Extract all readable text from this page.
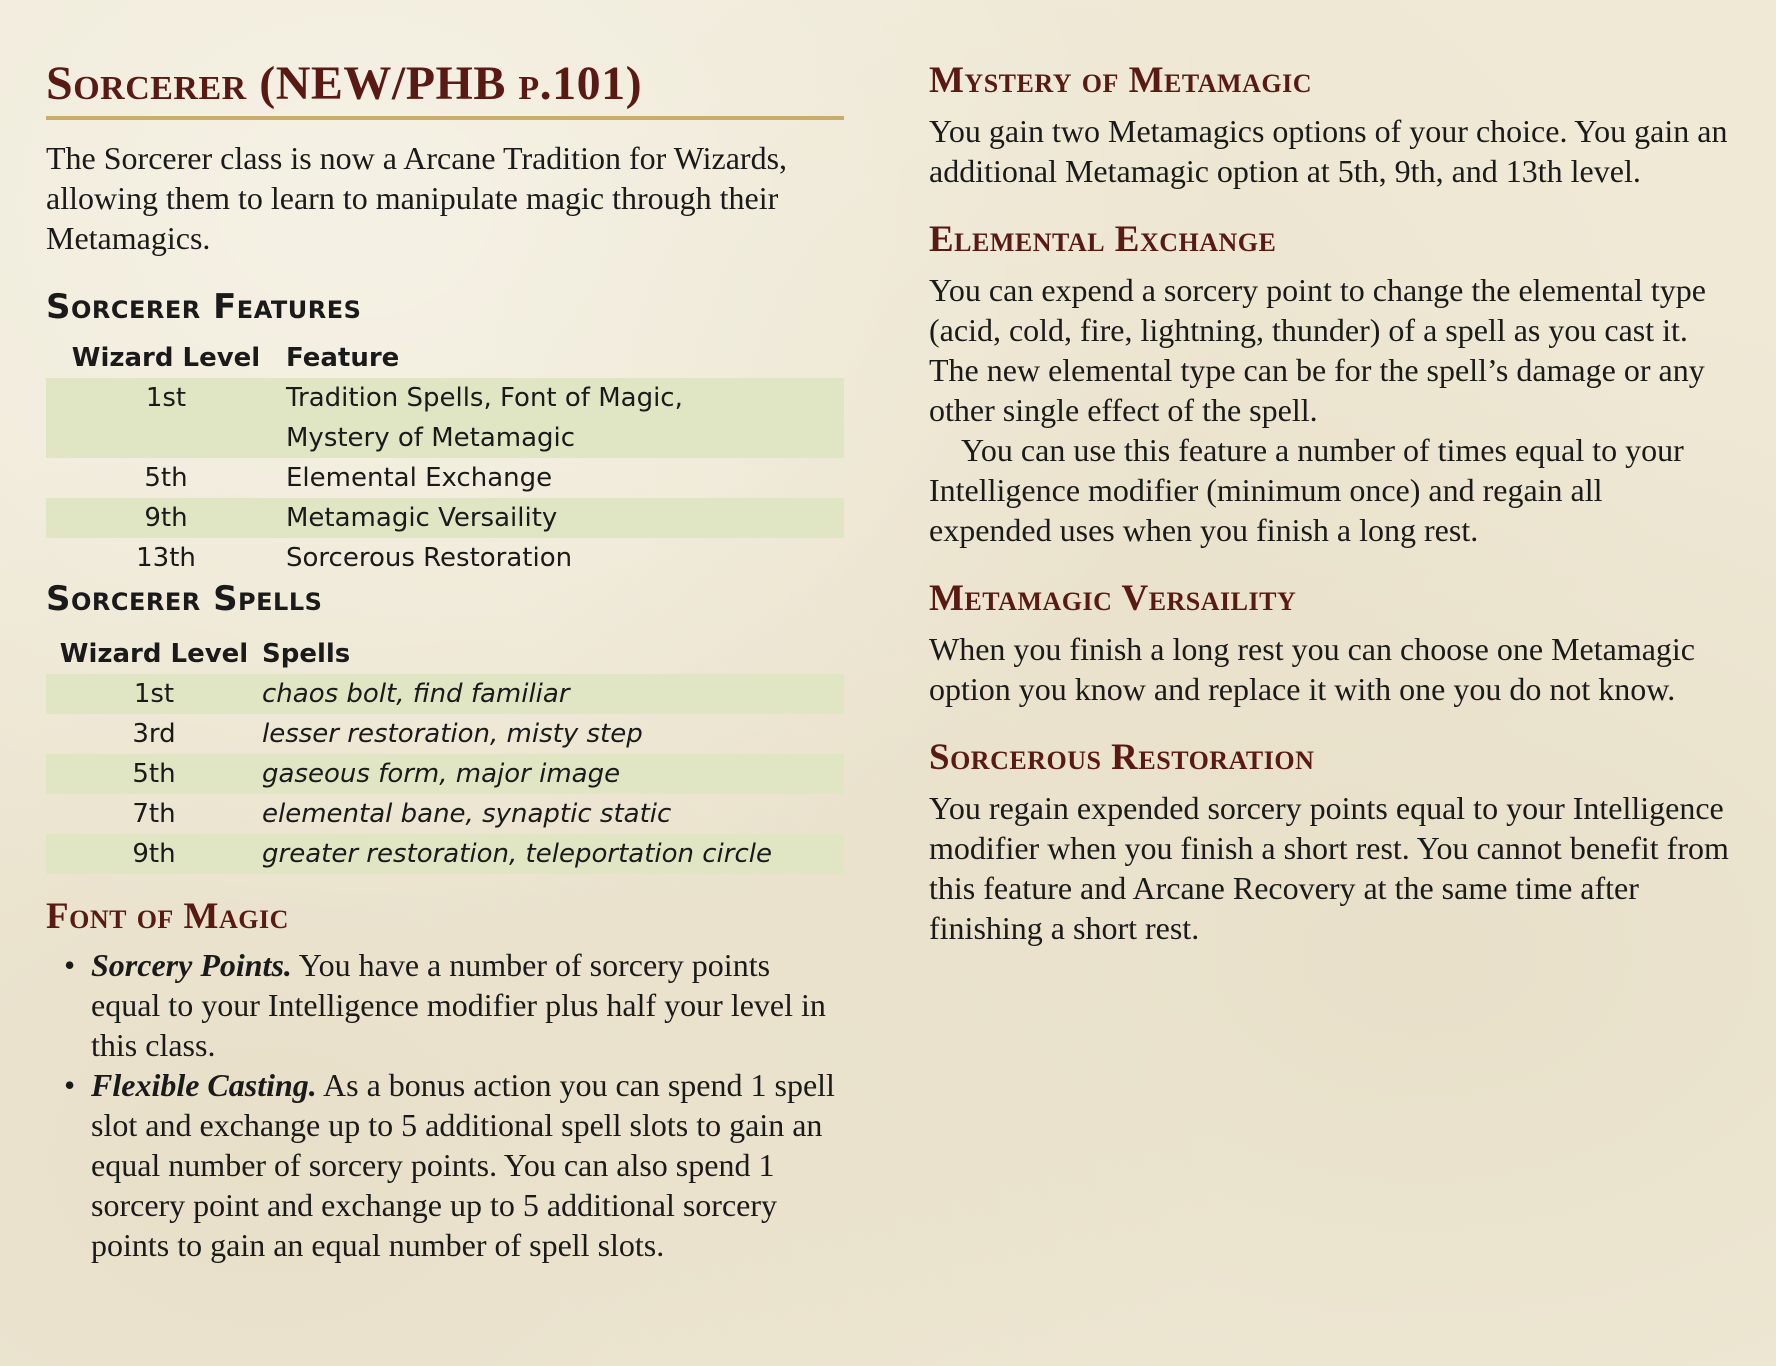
Sorcerer (NEW/PHB p.101)

The Sorcerer class is now a Arcane Tradition for Wizards, allowing them to learn to manipulate magic through their Metamagics.

Sorcerer Features
Wizard Level	Feature
1st	Tradition Spells, Font of Magic,
Mystery of Metamagic

5th	Elemental Exchange
9th	Metamagic Versaility
13th	Sorcerous Restoration
Sorcerer Spells
Wizard Level	Spells
1st	chaos bolt, find familiar
3rd	lesser restoration, misty step
5th	gaseous form, major image
7th	elemental bane, synaptic static
9th	greater restoration, teleportation circle
Font of Magic
• Sorcery Points. You have a number of sorcery points equal to your Intelligence modifier plus half your level in this class.
• Flexible Casting. As a bonus action you can spend 1 spell slot and exchange up to 5 additional spell slots to gain an equal number of sorcery points. You can also spend 1 sorcery point and exchange up to 5 additional sorcery points to gain an equal number of spell slots.
Mystery of Metamagic

You gain two Metamagics options of your choice. You gain an additional Metamagic option at 5th, 9th, and 13th level.

Elemental Exchange

You can expend a sorcery point to change the elemental type (acid, cold, fire, lightning, thunder) of a spell as you cast it. The new elemental type can be for the spell’s damage or any other single effect of the spell.

You can use this feature a number of times equal to your Intelligence modifier (minimum once) and regain all expended uses when you finish a long rest.

Metamagic Versaility

When you finish a long rest you can choose one Metamagic option you know and replace it with one you do not know.

Sorcerous Restoration

You regain expended sorcery points equal to your Intelligence modifier when you finish a short rest. You cannot benefit from this feature and Arcane Recovery at the same time after finishing a short rest.
